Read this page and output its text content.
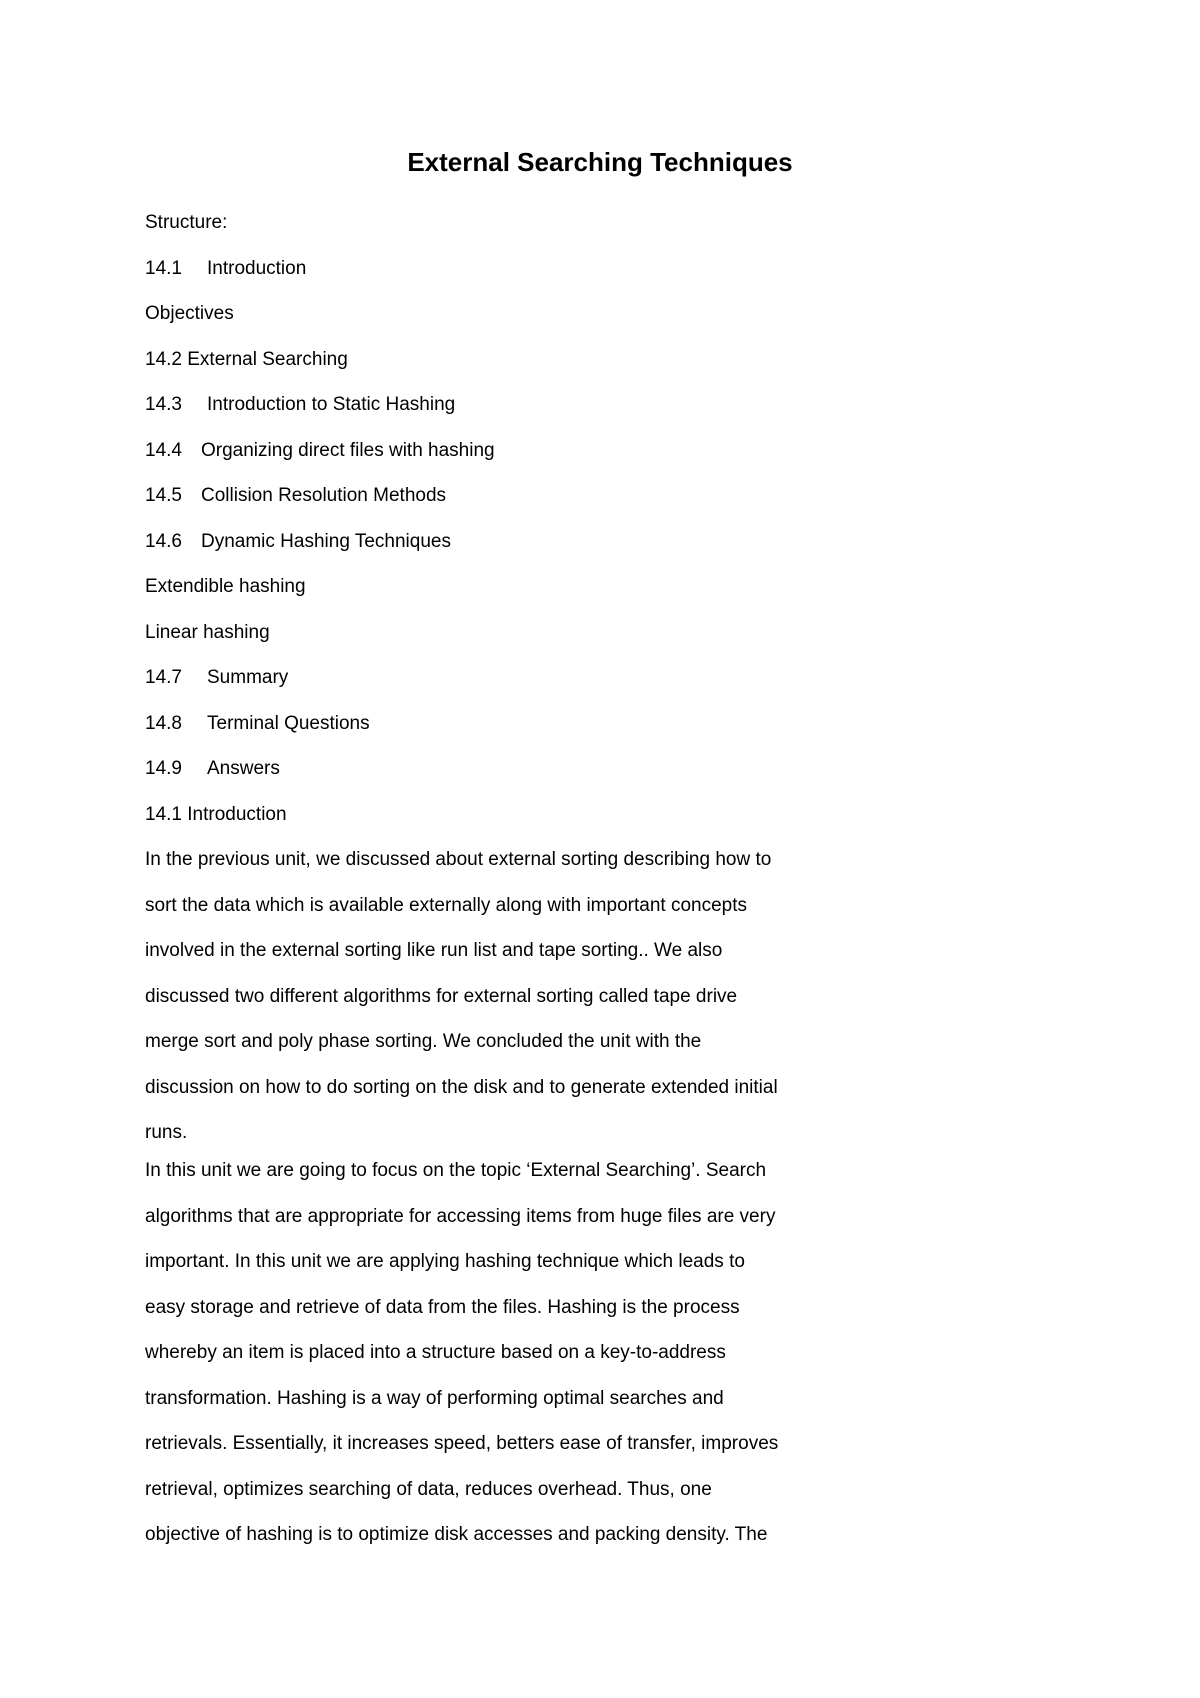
External Searching Techniques
Structure:
14.1 Introduction
Objectives
14.2 External Searching
14.3 Introduction to Static Hashing
14.4 Organizing direct files with hashing
14.5 Collision Resolution Methods
14.6 Dynamic Hashing Techniques
Extendible hashing
Linear hashing
14.7 Summary
14.8 Terminal Questions
14.9 Answers
14.1 Introduction
In the previous unit, we discussed about external sorting describing how to
sort the data which is available externally along with important concepts
involved in the external sorting like run list and tape sorting.. We also
discussed two different algorithms for external sorting called tape drive
merge sort and poly phase sorting. We concluded the unit with the
discussion on how to do sorting on the disk and to generate extended initial
runs.
In this unit we are going to focus on the topic ‘External Searching’. Search
algorithms that are appropriate for accessing items from huge files are very
important. In this unit we are applying hashing technique which leads to
easy storage and retrieve of data from the files. Hashing is the process
whereby an item is placed into a structure based on a key-to-address
transformation. Hashing is a way of performing optimal searches and
retrievals. Essentially, it increases speed, betters ease of transfer, improves
retrieval, optimizes searching of data, reduces overhead. Thus, one
objective of hashing is to optimize disk accesses and packing density. The
